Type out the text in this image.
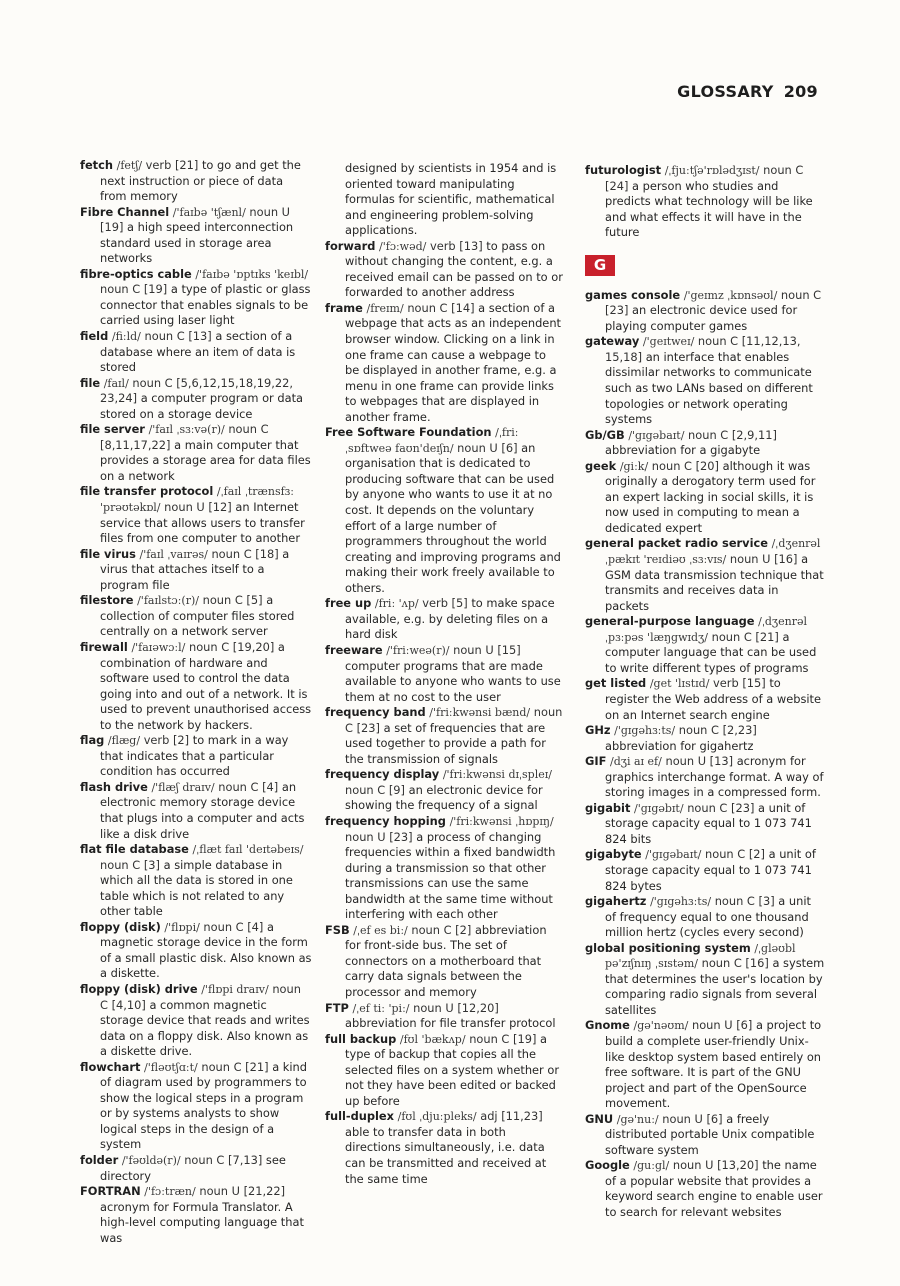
GLOSSARY 209

fetch /fetʃ/ verb [21] to go and get the next instruction or piece of data from memory

Fibre Channel /'faɪbə 'tʃænl/ noun U [19] a high speed interconnection standard used in storage area networks

fibre-optics cable /'faɪbə 'ɒptɪks 'keɪbl/ noun C [19] a type of plastic or glass connector that enables signals to be carried using laser light

field /fiːld/ noun C [13] a section of a database where an item of data is stored

file /faɪl/ noun C [5,6,12,15,18,19,22, 23,24] a computer program or data stored on a storage device

file server /'faɪl ˌsɜːvə(r)/ noun C [8,11,17,22] a main computer that provides a storage area for data files on a network

file transfer protocol /ˌfaɪl ˌtrænsfɜː 'prəʊtəkɒl/ noun U [12] an Internet service that allows users to transfer files from one computer to another

file virus /'faɪl ˌvaɪrəs/ noun C [18] a virus that attaches itself to a program file

filestore /'faɪlstɔː(r)/ noun C [5] a collection of computer files stored centrally on a network server

firewall /'faɪəwɔːl/ noun C [19,20] a combination of hardware and software used to control the data going into and out of a network. It is used to prevent unauthorised access to the network by hackers.

flag /flæg/ verb [2] to mark in a way that indicates that a particular condition has occurred

flash drive /'flæʃ draɪv/ noun C [4] an electronic memory storage device that plugs into a computer and acts like a disk drive

flat file database /ˌflæt faɪl 'deɪtəbeɪs/ noun C [3] a simple database in which all the data is stored in one table which is not related to any other table

floppy (disk) /'flɒpi/ noun C [4] a magnetic storage device in the form of a small plastic disk. Also known as a diskette.

floppy (disk) drive /'flɒpi draɪv/ noun C [4,10] a common magnetic storage device that reads and writes data on a floppy disk. Also known as a diskette drive.

flowchart /'fləʊtʃɑːt/ noun C [21] a kind of diagram used by programmers to show the logical steps in a program or by systems analysts to show logical steps in the design of a system

folder /'fəʊldə(r)/ noun C [7,13] see directory

FORTRAN /'fɔːtræn/ noun U [21,22] acronym for Formula Translator. A high-level computing language that was

designed by scientists in 1954 and is oriented toward manipulating formulas for scientific, mathematical and engineering problem-solving applications.

forward /'fɔːwəd/ verb [13] to pass on without changing the content, e.g. a received email can be passed on to or forwarded to another address

frame /freɪm/ noun C [14] a section of a webpage that acts as an independent browser window. Clicking on a link in one frame can cause a webpage to be displayed in another frame, e.g. a menu in one frame can provide links to webpages that are displayed in another frame.

Free Software Foundation /ˌfriː ˌsɒftweə faʊn'deɪʃn/ noun U [6] an organisation that is dedicated to producing software that can be used by anyone who wants to use it at no cost. It depends on the voluntary effort of a large number of programmers throughout the world creating and improving programs and making their work freely available to others.

free up /friː 'ʌp/ verb [5] to make space available, e.g. by deleting files on a hard disk

freeware /'friːweə(r)/ noun U [15] computer programs that are made available to anyone who wants to use them at no cost to the user

frequency band /'friːkwənsi bænd/ noun C [23] a set of frequencies that are used together to provide a path for the transmission of signals

frequency display /'friːkwənsi dɪˌspleɪ/ noun C [9] an electronic device for showing the frequency of a signal

frequency hopping /'friːkwənsi ˌhɒpɪŋ/ noun U [23] a process of changing frequencies within a fixed bandwidth during a transmission so that other transmissions can use the same bandwidth at the same time without interfering with each other

FSB /ˌef es biː/ noun C [2] abbreviation for front-side bus. The set of connectors on a motherboard that carry data signals between the processor and memory

FTP /ˌef tiː 'piː/ noun U [12,20] abbreviation for file transfer protocol

full backup /fʊl 'bækʌp/ noun C [19] a type of backup that copies all the selected files on a system whether or not they have been edited or backed up before

full-duplex /fʊl ˌdjuːpleks/ adj [11,23] able to transfer data in both directions simultaneously, i.e. data can be transmitted and received at the same time

futurologist /ˌfjuːtʃə'rɒlədʒɪst/ noun C [24] a person who studies and predicts what technology will be like and what effects it will have in the future

G

games console /'geɪmz ˌkɒnsəʊl/ noun C [23] an electronic device used for playing computer games

gateway /'geɪtweɪ/ noun C [11,12,13, 15,18] an interface that enables dissimilar networks to communicate such as two LANs based on different topologies or network operating systems

Gb/GB /'gɪgəbaɪt/ noun C [2,9,11] abbreviation for a gigabyte

geek /giːk/ noun C [20] although it was originally a derogatory term used for an expert lacking in social skills, it is now used in computing to mean a dedicated expert

general packet radio service /ˌdʒenrəl ˌpækɪt 'reɪdiəʊ ˌsɜːvɪs/ noun U [16] a GSM data transmission technique that transmits and receives data in packets

general-purpose language /ˌdʒenrəl ˌpɜːpəs 'læŋgwɪdʒ/ noun C [21] a computer language that can be used to write different types of programs

get listed /get 'lɪstɪd/ verb [15] to register the Web address of a website on an Internet search engine

GHz /'gɪgəhɜːts/ noun C [2,23] abbreviation for gigahertz

GIF /dʒi aɪ ef/ noun U [13] acronym for graphics interchange format. A way of storing images in a compressed form.

gigabit /'gɪgəbɪt/ noun C [23] a unit of storage capacity equal to 1 073 741 824 bits

gigabyte /'gɪgəbaɪt/ noun C [2] a unit of storage capacity equal to 1 073 741 824 bytes

gigahertz /'gɪgəhɜːts/ noun C [3] a unit of frequency equal to one thousand million hertz (cycles every second)

global positioning system /ˌgləʊbl pə'zɪʃnɪŋ ˌsɪstəm/ noun C [16] a system that determines the user's location by comparing radio signals from several satellites

Gnome /gə'nəʊm/ noun U [6] a project to build a complete user-friendly Unix-like desktop system based entirely on free software. It is part of the GNU project and part of the OpenSource movement.

GNU /gə'nuː/ noun U [6] a freely distributed portable Unix compatible software system

Google /guːgl/ noun U [13,20] the name of a popular website that provides a keyword search engine to enable user to search for relevant websites
